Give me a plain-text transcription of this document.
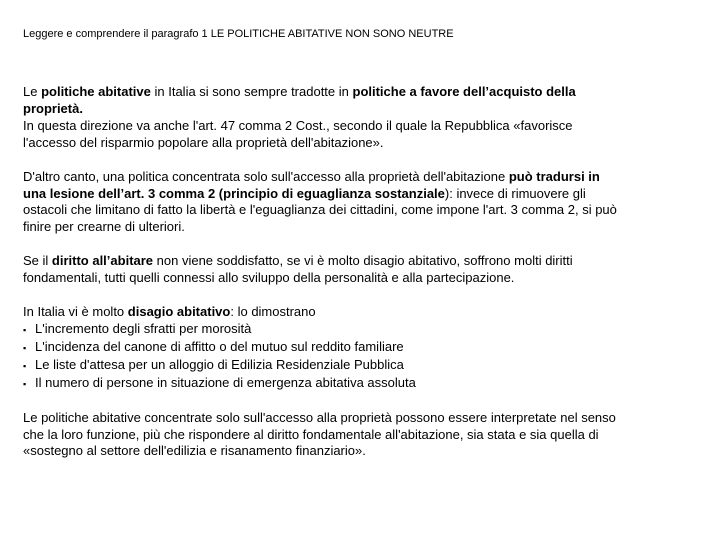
Leggere e comprendere il paragrafo 1 LE POLITICHE ABITATIVE NON SONO NEUTRE
Le politiche abitative in Italia si sono sempre tradotte in politiche a favore dell’acquisto della
proprietà.
In questa direzione va anche l'art. 47 comma 2 Cost., secondo il quale la Repubblica «favorisce
l'accesso del risparmio popolare alla proprietà dell'abitazione».
D'altro canto, una politica concentrata solo sull'accesso alla proprietà dell'abitazione può tradursi in
una lesione dell’art. 3 comma 2 (principio di eguaglianza sostanziale): invece di rimuovere gli
ostacoli che limitano di fatto la libertà e l'eguaglianza dei cittadini, come impone l'art. 3 comma 2, si può
finire per crearne di ulteriori.
Se il diritto all’abitare non viene soddisfatto, se vi è molto disagio abitativo, soffrono molti diritti
fondamentali, tutti quelli connessi allo sviluppo della personalità e alla partecipazione.
In Italia vi è molto disagio abitativo: lo dimostrano
▪ L'incremento degli sfratti per morosità
▪ L'incidenza del canone di affitto o del mutuo sul reddito familiare
▪ Le liste d'attesa per un alloggio di Edilizia Residenziale Pubblica
▪ Il numero di persone in situazione di emergenza abitativa assoluta
Le politiche abitative concentrate solo sull'accesso alla proprietà possono essere interpretate nel senso
che la loro funzione, più che rispondere al diritto fondamentale all'abitazione, sia stata e sia quella di
«sostegno al settore dell'edilizia e risanamento finanziario».
